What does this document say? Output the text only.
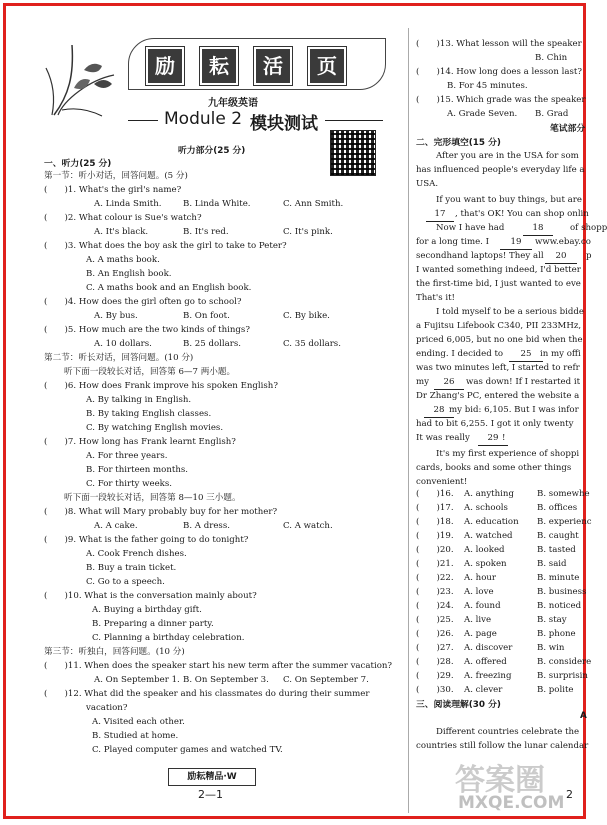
励	耘	活	页
九年级英语
Module 2 模块测试
听力部分(25 分)
一、听力(25 分)
第一节：听小对话，回答问题。(5 分)
(　　)1. What's the girl's name?
A. Linda Smith. B. Linda White.	C. Ann Smith.
(　　)2. What colour is Sue's watch?
A. It's black.	B. It's red.	C. It's pink.
(　　)3. What does the boy ask the girl to take to Peter?
A. A maths book.
B. An English book.
C. A maths book and an English book.
(　　)4. How does the girl often go to school?
A. By bus.	B. On foot.	C. By bike.
(　　)5. How much are the two kinds of things?
A. 10 dollars.	B. 25 dollars.	C. 35 dollars.
第二节：听长对话，回答问题。(10 分)
听下面一段较长对话，回答第 6—7 两小题。
(　　)6. How does Frank improve his spoken English?
A. By talking in English.
B. By taking English classes.
C. By watching English movies.
(　　)7. How long has Frank learnt English?
A. For three years.
B. For thirteen months.
C. For thirty weeks.
听下面一段较长对话，回答第 8—10 三小题。
(　　)8. What will Mary probably buy for her mother?
A. A cake.	B. A dress.	C. A watch.
(　　)9. What is the father going to do tonight?
A. Cook French dishes.
B. Buy a train ticket.
C. Go to a speech.
(　　)10. What is the conversation mainly about?
A. Buying a birthday gift.
B. Preparing a dinner party.
C. Planning a birthday celebration.
第三节：听独白，回答问题。(10 分)
(　　)11. When does the speaker start his new term after the summer vacation?
A. On September 1. B. On September 3. C. On September 7.
(　　)12. What did the speaker and his classmates do during their summer
vacation?
A. Visited each other.
B. Studied at home.
C. Played computer games and watched TV.
励耘精品·W
2—1	2
(　　)13. What lesson will the speaker
B. Chin
(　　)14. How long does a lesson last?
B. For 45 minutes.
(　　)15. Which grade was the speaker
A. Grade Seven. B. Grad
笔试部分
二、完形填空(15 分)
After you are in the USA for som
has influenced people's everyday life a
USA.
If you want to buy things, but are
, that's OK! You can shop onlin
Now I have had	of shopp
for a long time. I	www.ebay.co
secondhand laptops! They all	p
I wanted something indeed, I'd better
the first-time bid, I just wanted to eve
That's it!
I told myself to be a serious bidde
a Fujitsu Lifebook C340, PII 233MHz,
priced 6,005, but no one bid when the
ending. I decided to	in my offi
was two minutes left, I started to refr
my	was down! If I restarted it
Dr Zhang's PC, entered the website a
my bid: 6,105. But I was infor
had to bit 6,255. I got it only twenty
It was really	!
It's my first experience of shoppi
cards, books and some other things
convenient!
17
18
19
20
25
26
28
29
(　　)16. A. anything	B. somewhe
(　　)17. A. schools	B. offices
(　　)18. A. education B. experienc
(　　)19. A. watched	B. caught
(　　)20. A. looked	B. tasted
(　　)21. A. spoken	B. said
(　　)22. A. hour	B. minute
(　　)23. A. love	B. business
(　　)24. A. found	B. noticed
(　　)25. A. live	B. stay
(　　)26. A. page	B. phone
(　　)27. A. discover	B. win
(　　)28. A. offered	B. considere
(　　)29. A. freezing	B. surprisin
(　　)30. A. clever	B. polite
三、阅读理解(30 分)
A
Different countries celebrate the
countries still follow the lunar calendar
答案圈
MXQE.COM
